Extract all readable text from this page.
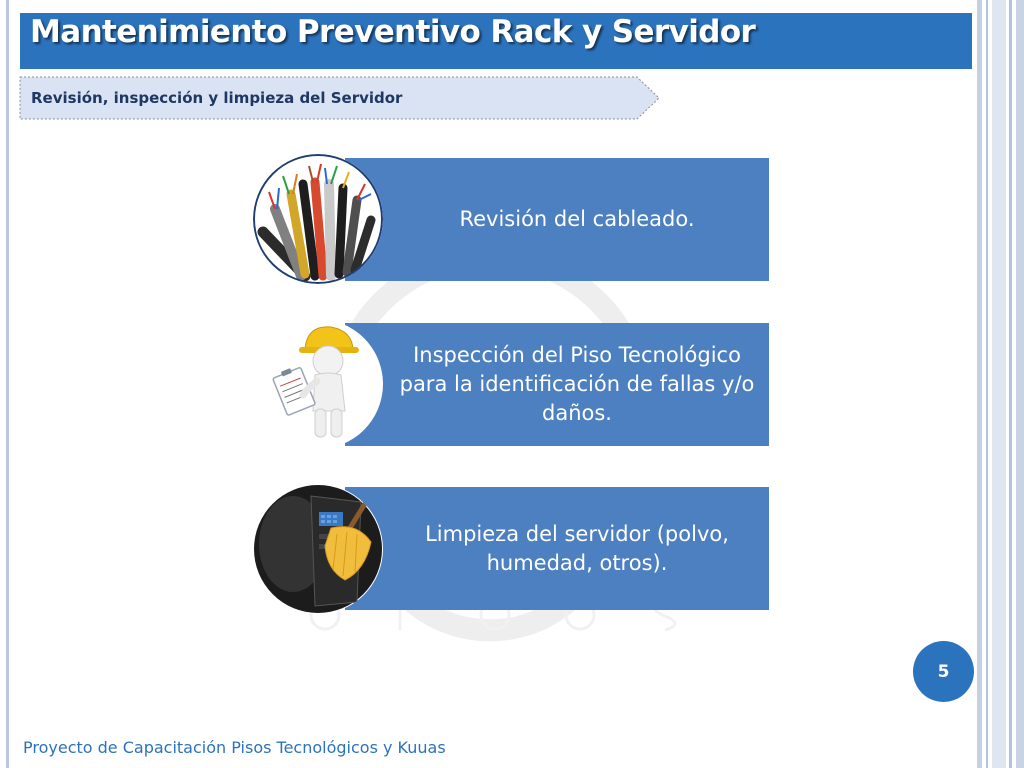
Mantenimiento Preventivo Rack y Servidor
Revisión, inspección y limpieza del Servidor
Revisión del cableado.
Inspección del Piso Tecnológico para la identificación de fallas y/o daños.
Limpieza del servidor (polvo, humedad, otros).
5
Proyecto de Capacitación Pisos Tecnológicos y Kuuas
